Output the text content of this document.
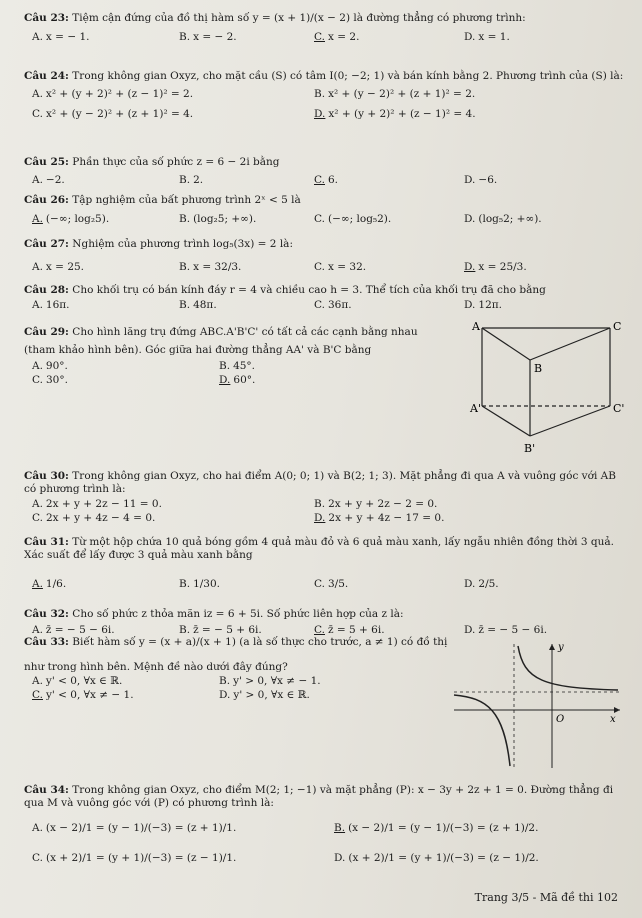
Câu 23: Tiệm cận đứng của đồ thị hàm số y = (x + 1)/(x − 2) là đường thẳng có phương trình:
A. x = − 1.	B. x = − 2.	C. x = 2.	D. x = 1.
Câu 24: Trong không gian Oxyz, cho mặt cầu (S) có tâm I(0; −2; 1) và bán kính bằng 2. Phương trình của (S) là:
A. x² + (y + 2)² + (z − 1)² = 2.	B. x² + (y − 2)² + (z + 1)² = 2.
C. x² + (y − 2)² + (z + 1)² = 4.	D. x² + (y + 2)² + (z − 1)² = 4.
Câu 25: Phần thực của số phức z = 6 − 2i bằng
A. −2.	B. 2.	C. 6.	D. −6.
Câu 26: Tập nghiệm của bất phương trình 2ˣ < 5 là
A. (−∞; log₂5).	B. (log₂5; +∞).	C. (−∞; log₅2).	D. (log₅2; +∞).
Câu 27: Nghiệm của phương trình log₅(3x) = 2 là:
A. x = 25.	B. x = 32/3.	C. x = 32.	D. x = 25/3.
Câu 28: Cho khối trụ có bán kính đáy r = 4 và chiều cao h = 3. Thể tích của khối trụ đã cho bằng
A. 16π.	B. 48π.	C. 36π.	D. 12π.
Câu 29: Cho hình lăng trụ đứng ABC.A'B'C' có tất cả các cạnh bằng nhau
(tham khảo hình bên). Góc giữa hai đường thẳng AA' và B'C bằng
A. 90°.	B. 45°.
C. 30°.	D. 60°.
A	C
B
A'	C'
B'
Câu 30: Trong không gian Oxyz, cho hai điểm A(0; 0; 1) và B(2; 1; 3). Mặt phẳng đi qua A và vuông góc với AB có phương trình là:
A. 2x + y + 2z − 11 = 0.	B. 2x + y + 2z − 2 = 0.
C. 2x + y + 4z − 4 = 0.	D. 2x + y + 4z − 17 = 0.
Câu 31: Từ một hộp chứa 10 quả bóng gồm 4 quả màu đỏ và 6 quả màu xanh, lấy ngẫu nhiên đồng thời 3 quả. Xác suất để lấy được 3 quả màu xanh bằng
A. 1/6.	B. 1/30.	C. 3/5.	D. 2/5.
Câu 32: Cho số phức z thỏa mãn iz = 6 + 5i. Số phức liên hợp của z là:
A. z̄ = − 5 − 6i.	B. z̄ = − 5 + 6i.	C. z̄ = 5 + 6i.	D. z̄ = − 5 − 6i.
Câu 33: Biết hàm số y = (x + a)/(x + 1) (a là số thực cho trước, a ≠ 1) có đồ thị
như trong hình bên. Mệnh đề nào dưới đây đúng?
A. y' < 0, ∀x ∈ ℝ.	B. y' > 0, ∀x ≠ − 1.
C. y' < 0, ∀x ≠ − 1.	D. y' > 0, ∀x ∈ ℝ.
y
O	x
Câu 34: Trong không gian Oxyz, cho điểm M(2; 1; −1) và mặt phẳng (P): x − 3y + 2z + 1 = 0. Đường thẳng đi qua M và vuông góc với (P) có phương trình là:
A. (x − 2)/1 = (y − 1)/(−3) = (z + 1)/1.	B. (x − 2)/1 = (y − 1)/(−3) = (z + 1)/2.
C. (x + 2)/1 = (y + 1)/(−3) = (z − 1)/1.	D. (x + 2)/1 = (y + 1)/(−3) = (z − 1)/2.
Trang 3/5 - Mã đề thi 102
